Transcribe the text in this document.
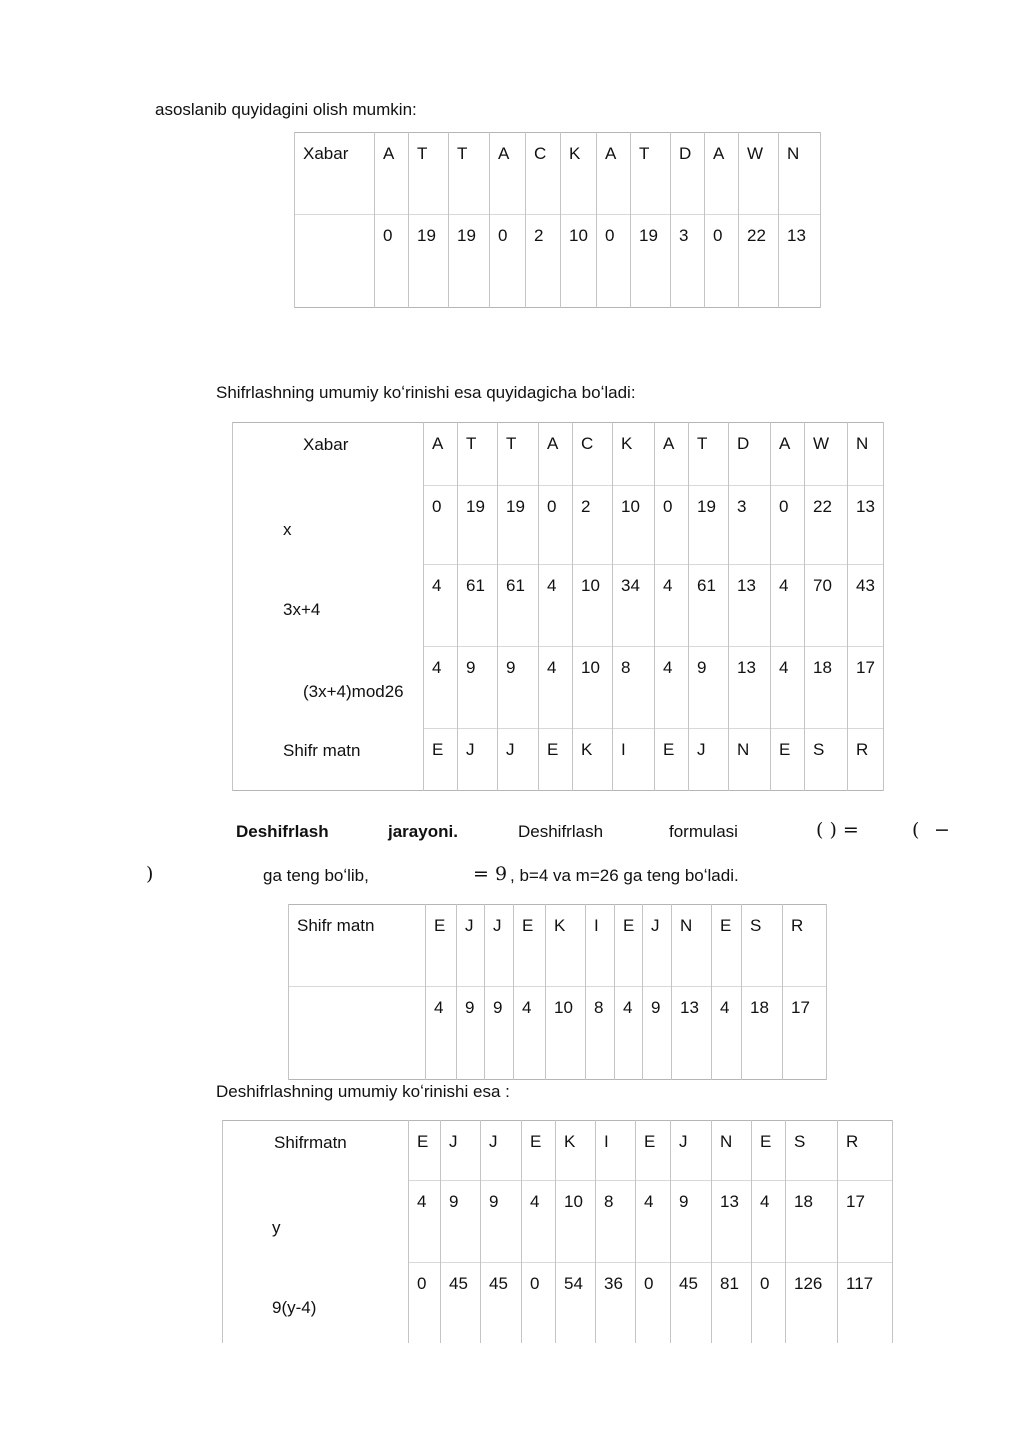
asoslanib quyidagini olish mumkin:
Xabar	A	T	T	A	C	K	A	T	D	A	W	N
	0	19	19	0	2	10	0	19	3	0	22	13
Shifrlashning umumiy koʻrinishi esa quyidagicha boʻladi:
Xabar	A	T	T	A	C	K	A	T	D	A	W	N

x	0	19	19	0	2	10	0	19	3	0	22	13

3x+4	4	61	61	4	10	34	4	61	13	4	70	43

(3x+4)mod26	4	9	9	4	10	8	4	9	13	4	18	17

Shifr matn	E	J	J	E	K	I	E	J	N	E	S	R
Deshifrlash	jarayoni.	Deshifrlash	formulasi	( ) =	( −
)	ga teng boʻlib,	= 9 , b=4 va m=26 ga teng boʻladi.
Shifr matn	E	J	J	E	K	I	E	J	N	E	S	R
	4	9	9	4	10	8	4	9	13	4	18	17
Deshifrlashning umumiy koʻrinishi esa :
Shifrmatn	E	J	J	E	K	I	E	J	N	E	S	R

y	4	9	9	4	10	8	4	9	13	4	18	17

9(y-4)	0	45	45	0	54	36	0	45	81	0	126	117
